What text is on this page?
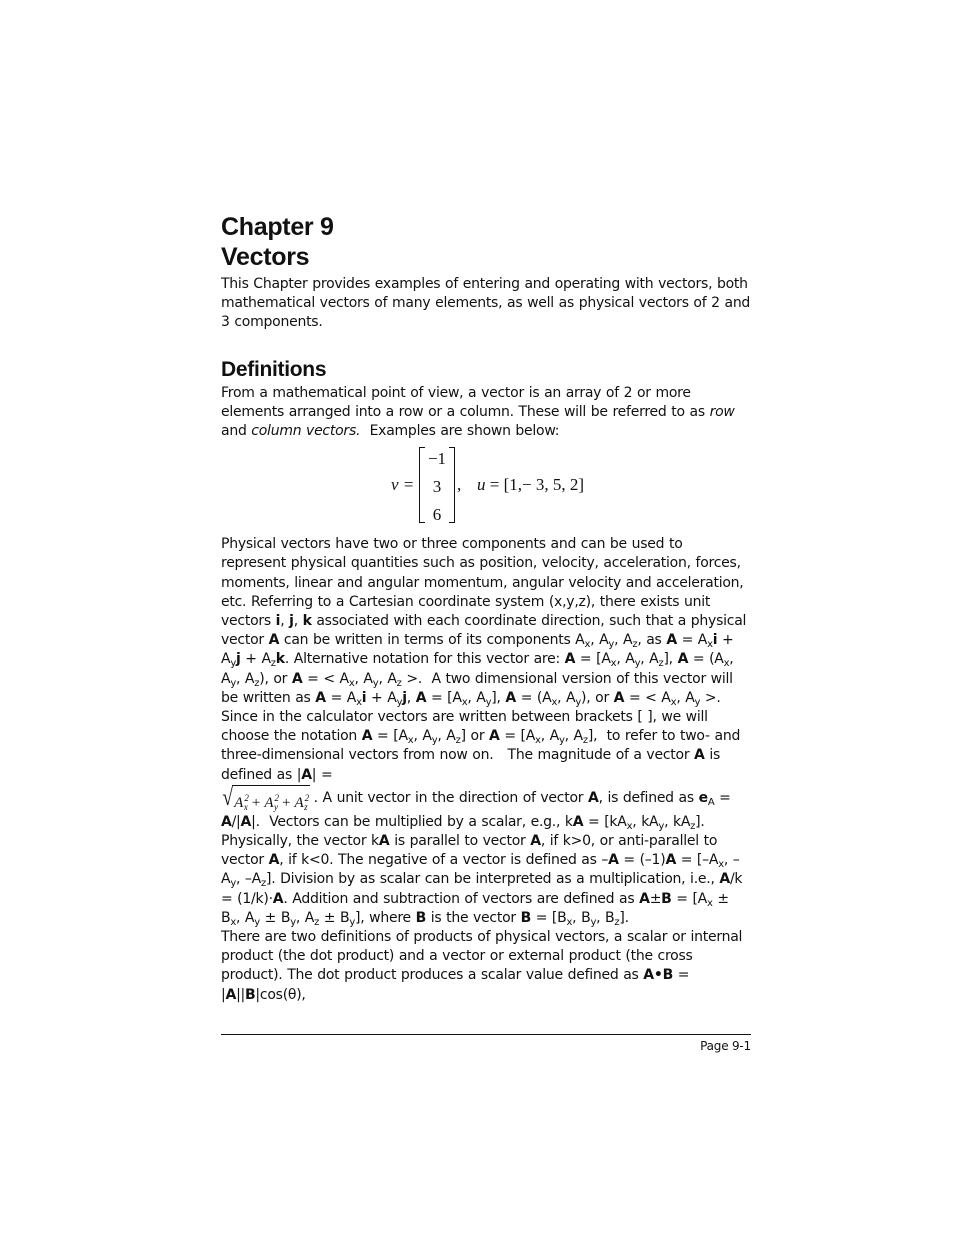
Chapter 9
Vectors

This Chapter provides examples of entering and operating with vectors, both mathematical vectors of many elements, as well as physical vectors of 2 and 3 components.

Definitions

From a mathematical point of view, a vector is an array of 2 or more elements arranged into a row or a column. These will be referred to as row and column vectors.  Examples are shown below:

v =
−1
3
6
, u = [1,− 3, 5, 2]

Physical vectors have two or three components and can be used to represent physical quantities such as position, velocity, acceleration, forces, moments, linear and angular momentum, angular velocity and acceleration, etc. Referring to a Cartesian coordinate system (x,y,z), there exists unit vectors i, j, k associated with each coordinate direction, such that a physical vector A can be written in terms of its components $A_x$, $A_y$, $A_z$, as $A = A_xi + A_yj + A_zk$. Alternative notation for this vector are: $A = [A_x$, $A_y$, $A_z$], $A = (A_x$, $A_y$, $A_z$), or A = < $A_x$, $A_y$, $A_z$ >.  A two dimensional version of this vector will be written as $A = A_xi + A_yj$, $A = [A_x$, $A_y$], $A = (A_x$, $A_y$), or A = < $A_x$, $A_y$ >.  Since in the calculator vectors are written between brackets [ ], we will choose the notation $A = [A_x$, $A_y$, $A_z$] or $A = [A_x$, $A_y$, $A_z$],  to refer to two- and three-dimensional vectors from now on.   The magnitude of a vector A is defined as |A| =

√ $A^2_x + A^2_y + A^2_z$

. A unit vector in the direction of vector A, is defined as $e_A$ =

A/|A|.  Vectors can be multiplied by a scalar, e.g., kA = [$kA_x$, $kA_y$, $kA_z$]. Physically, the vector kA is parallel to vector A, if k>0, or anti-parallel to vector A, if k<0. The negative of a vector is defined as $-A = (-1)A = [-A_x$, $-A_y$, $-A_z$]. Division by as scalar can be interpreted as a multiplication, i.e., A/k = (1/k)·A. Addition and subtraction of vectors are defined as $A\pm B = [A_x \pm B_x$, $A_y \pm B_y$, $A_z \pm B_y$], where B is the vector $B = [B_x$, $B_y$, $B_z$].

There are two definitions of products of physical vectors, a scalar or internal product (the dot product) and a vector or external product (the cross product). The dot product produces a scalar value defined as A•B = |A||B|cos(θ),

Page 9-1
